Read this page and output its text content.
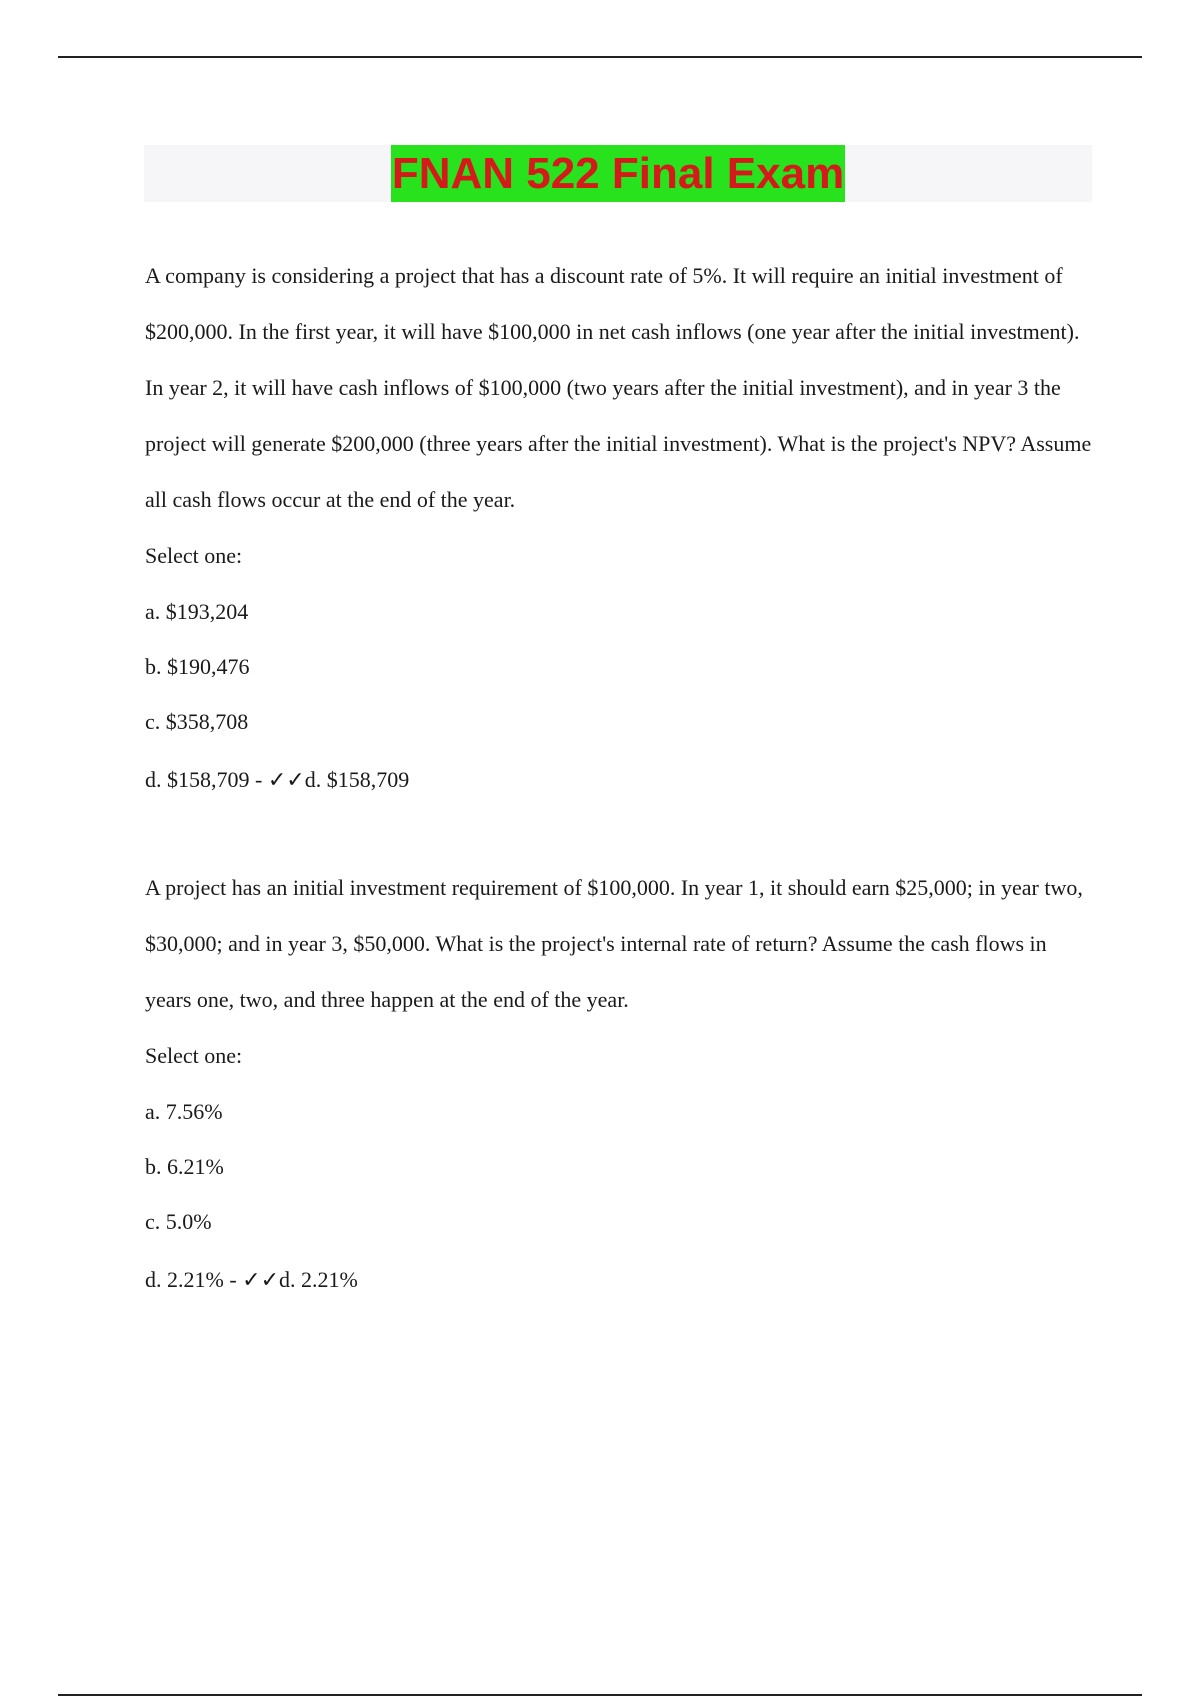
FNAN 522 Final Exam

A company is considering a project that has a discount rate of 5%. It will require an initial investment of $200,000. In the first year, it will have $100,000 in net cash inflows (one year after the initial investment). In year 2, it will have cash inflows of $100,000 (two years after the initial investment), and in year 3 the project will generate $200,000 (three years after the initial investment). What is the project's NPV? Assume all cash flows occur at the end of the year.

Select one:

a. $193,204
b. $190,476
c. $358,708
d. $158,709 - ✓✓d. $158,709

A project has an initial investment requirement of $100,000. In year 1, it should earn $25,000; in year two, $30,000; and in year 3, $50,000. What is the project's internal rate of return? Assume the cash flows in years one, two, and three happen at the end of the year.

Select one:

a. 7.56%
b. 6.21%
c. 5.0%
d. 2.21% - ✓✓d. 2.21%
